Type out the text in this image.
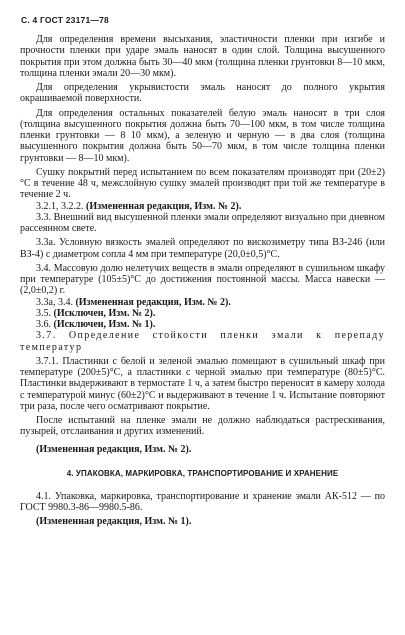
С. 4 ГОСТ 23171—78

Для определения времени высыхания, эластичности пленки при изгибе и прочности пленки при ударе эмаль наносят в один слой. Толщина высушенного покрытия при этом должна быть 30—40 мкм (толщина пленки грунтовки 8—10 мкм, толщина пленки эмали 20—30 мкм).

Для определения укрывистости эмаль наносят до полного укрытия окрашиваемой поверхности.

Для определения остальных показателей белую эмаль наносят в три слоя (толщина высушенного покрытия должна быть 70—100 мкм, в том числе толщина пленки грунтовки — 8 10 мкм), а зеленую и черную — в два слоя (толщина высушенного покрытия должна быть 50—70 мкм, в том числе толщина пленки грунтовки — 8—10 мкм).

Сушку покрытий перед испытанием по всем показателям производят при (20±2)°С в течение 48 ч, межслойную сушку эмалей производят при той же температуре в течение 2 ч.

3.2.1, 3.2.2. (Измененная редакция, Изм. № 2).

3.3. Внешний вид высушенной пленки эмали определяют визуально при дневном рассеянном свете.

3.3а. Условную вязкость эмалей определяют по вискозиметру типа ВЗ-246 (или ВЗ-4) с диаметром сопла 4 мм при температуре (20,0±0,5)°С.

3.4. Массовую долю нелетучих веществ в эмали определяют в сушильном шкафу при температуре (105±5)°С до достижения постоянной массы. Масса навески — (2,0±0,2) г.

3.3а, 3.4. (Измененная редакция, Изм. № 2).

3.5. (Исключен, Изм. № 2).

3.6. (Исключен, Изм. № 1).

3.7. Определение стойкости пленки эмали к перепаду температур

3.7.1. Пластинки с белой и зеленой эмалью помещают в сушильный шкаф при температуре (200±5)°С, а пластинки с черной эмалью при температуре (80±5)°С. Пластинки выдерживают в термостате 1 ч, а затем быстро переносят в камеру холода с температурой минус (60±2)°С и выдерживают в течение 1 ч. Испытание повторяют три раза, после чего осматривают покрытие.

После испытаний на пленке эмали не должно наблюдаться растрескивания, пузырей, отслаивания и других изменений.

(Измененная редакция, Изм. № 2).

4. УПАКОВКА, МАРКИРОВКА, ТРАНСПОРТИРОВАНИЕ И ХРАНЕНИЕ

4.1. Упаковка, маркировка, транспортирование и хранение эмали АК-512 — по ГОСТ 9980.3-86—9980.5-86.

(Измененная редакция, Изм. № 1).
